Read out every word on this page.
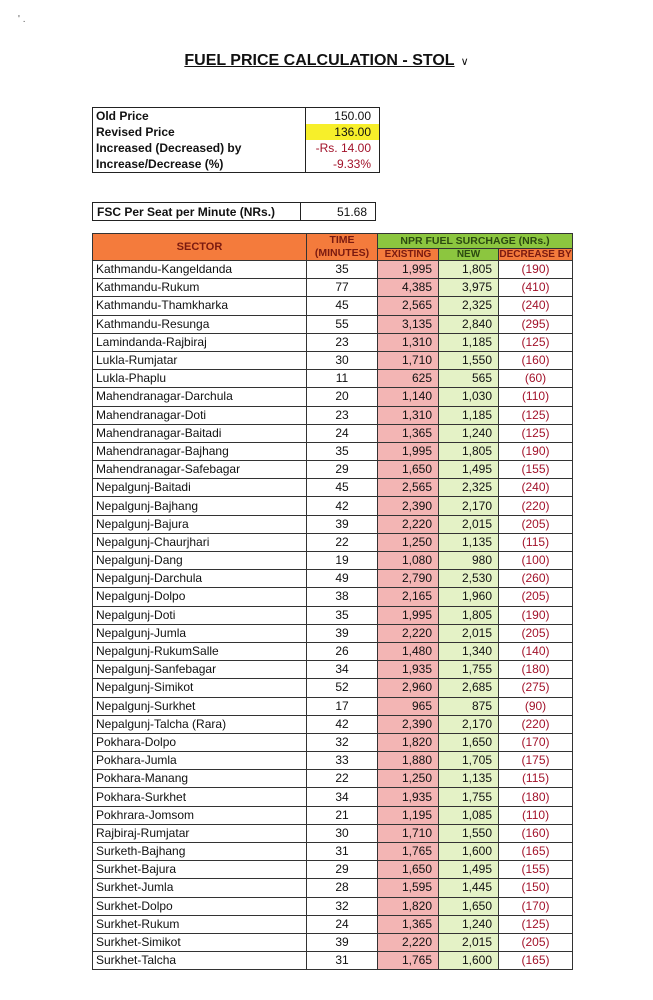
' .
FUEL PRICE CALCULATION - STOL ∨
Old Price	150.00
Revised Price	136.00
Increased (Decreased) by	-Rs. 14.00
Increase/Decrease (%)	-9.33%
FSC Per Seat per Minute (NRs.)	51.68
SECTOR	TIME (MINUTES)	NPR FUEL SURCHAGE (NRs.)		
		EXISTING	NEW	DECREASE BY
Kathmandu-Kangeldanda	35	1,995	1,805	(190)
Kathmandu-Rukum	77	4,385	3,975	(410)
Kathmandu-Thamkharka	45	2,565	2,325	(240)
Kathmandu-Resunga	55	3,135	2,840	(295)
Lamindanda-Rajbiraj	23	1,310	1,185	(125)
Lukla-Rumjatar	30	1,710	1,550	(160)
Lukla-Phaplu	11	625	565	(60)
Mahendranagar-Darchula	20	1,140	1,030	(110)
Mahendranagar-Doti	23	1,310	1,185	(125)
Mahendranagar-Baitadi	24	1,365	1,240	(125)
Mahendranagar-Bajhang	35	1,995	1,805	(190)
Mahendranagar-Safebagar	29	1,650	1,495	(155)
Nepalgunj-Baitadi	45	2,565	2,325	(240)
Nepalgunj-Bajhang	42	2,390	2,170	(220)
Nepalgunj-Bajura	39	2,220	2,015	(205)
Nepalgunj-Chaurjhari	22	1,250	1,135	(115)
Nepalgunj-Dang	19	1,080	980	(100)
Nepalgunj-Darchula	49	2,790	2,530	(260)
Nepalgunj-Dolpo	38	2,165	1,960	(205)
Nepalgunj-Doti	35	1,995	1,805	(190)
Nepalgunj-Jumla	39	2,220	2,015	(205)
Nepalgunj-RukumSalle	26	1,480	1,340	(140)
Nepalgunj-Sanfebagar	34	1,935	1,755	(180)
Nepalgunj-Simikot	52	2,960	2,685	(275)
Nepalgunj-Surkhet	17	965	875	(90)
Nepalgunj-Talcha (Rara)	42	2,390	2,170	(220)
Pokhara-Dolpo	32	1,820	1,650	(170)
Pokhara-Jumla	33	1,880	1,705	(175)
Pokhara-Manang	22	1,250	1,135	(115)
Pokhara-Surkhet	34	1,935	1,755	(180)
Pokhrara-Jomsom	21	1,195	1,085	(110)
Rajbiraj-Rumjatar	30	1,710	1,550	(160)
Surketh-Bajhang	31	1,765	1,600	(165)
Surkhet-Bajura	29	1,650	1,495	(155)
Surkhet-Jumla	28	1,595	1,445	(150)
Surkhet-Dolpo	32	1,820	1,650	(170)
Surkhet-Rukum	24	1,365	1,240	(125)
Surkhet-Simikot	39	2,220	2,015	(205)
Surkhet-Talcha	31	1,765	1,600	(165)
